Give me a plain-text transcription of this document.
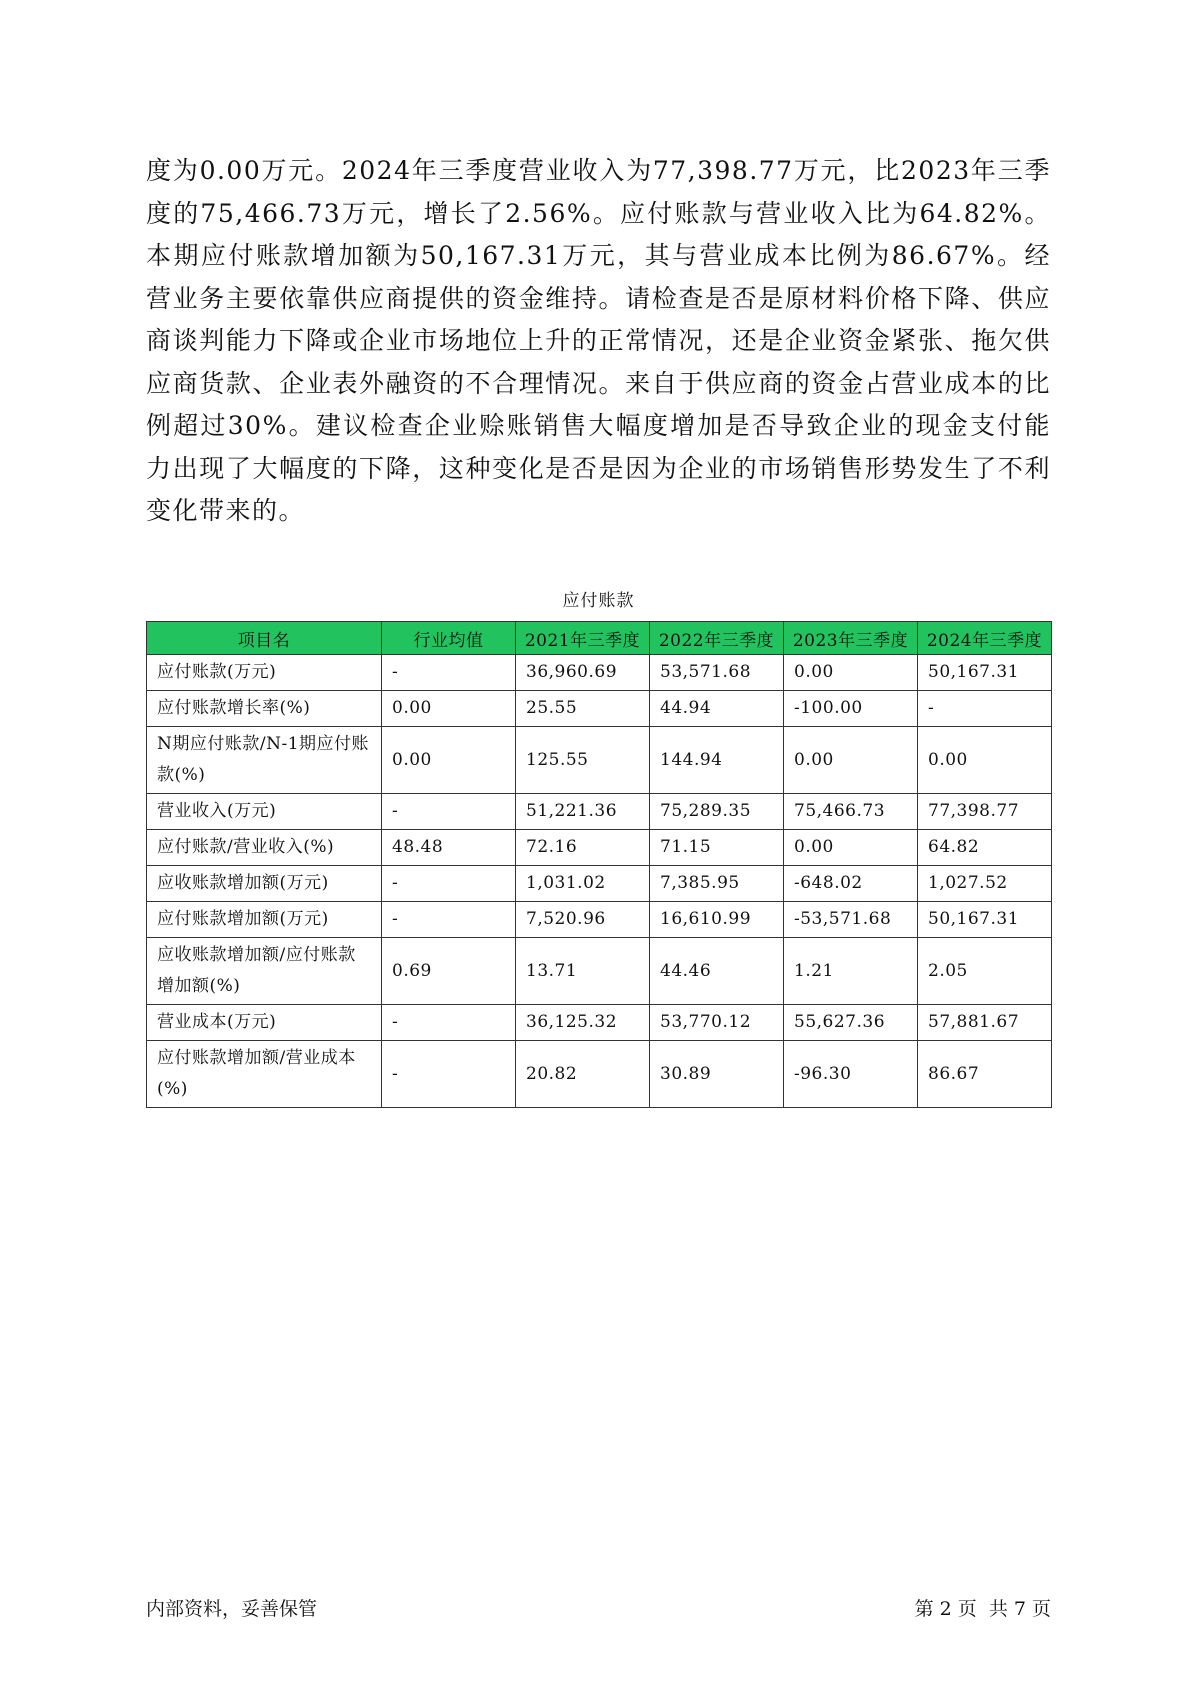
度为0.00万元。2024年三季度营业收入为77,398.77万元，比2023年三季度的75,466.73万元，增长了2.56%。应付账款与营业收入比为64.82%。本期应付账款增加额为50,167.31万元，其与营业成本比例为86.67%。经营业务主要依靠供应商提供的资金维持。请检查是否是原材料价格下降、供应商谈判能力下降或企业市场地位上升的正常情况，还是企业资金紧张、拖欠供应商货款、企业表外融资的不合理情况。来自于供应商的资金占营业成本的比例超过30%。建议检查企业赊账销售大幅度增加是否导致企业的现金支付能力出现了大幅度的下降，这种变化是否是因为企业的市场销售形势发生了不利变化带来的。

应付账款
项目名	行业均值	2021年三季度	2022年三季度	2023年三季度	2024年三季度
应付账款(万元)	-	36,960.69	53,571.68	0.00	50,167.31
应付账款增长率(%)	0.00	25.55	44.94	-100.00	-
N期应付账款/N-1期应付账款(%)	0.00	125.55	144.94	0.00	0.00
营业收入(万元)	-	51,221.36	75,289.35	75,466.73	77,398.77
应付账款/营业收入(%)	48.48	72.16	71.15	0.00	64.82
应收账款增加额(万元)	-	1,031.02	7,385.95	-648.02	1,027.52
应付账款增加额(万元)	-	7,520.96	16,610.99	-53,571.68	50,167.31
应收账款增加额/应付账款增加额(%)	0.69	13.71	44.46	1.21	2.05
营业成本(万元)	-	36,125.32	53,770.12	55,627.36	57,881.67
应付账款增加额/营业成本(%)	-	20.82	30.89	-96.30	86.67
内部资料，妥善保管	第 2 页  共 7 页
